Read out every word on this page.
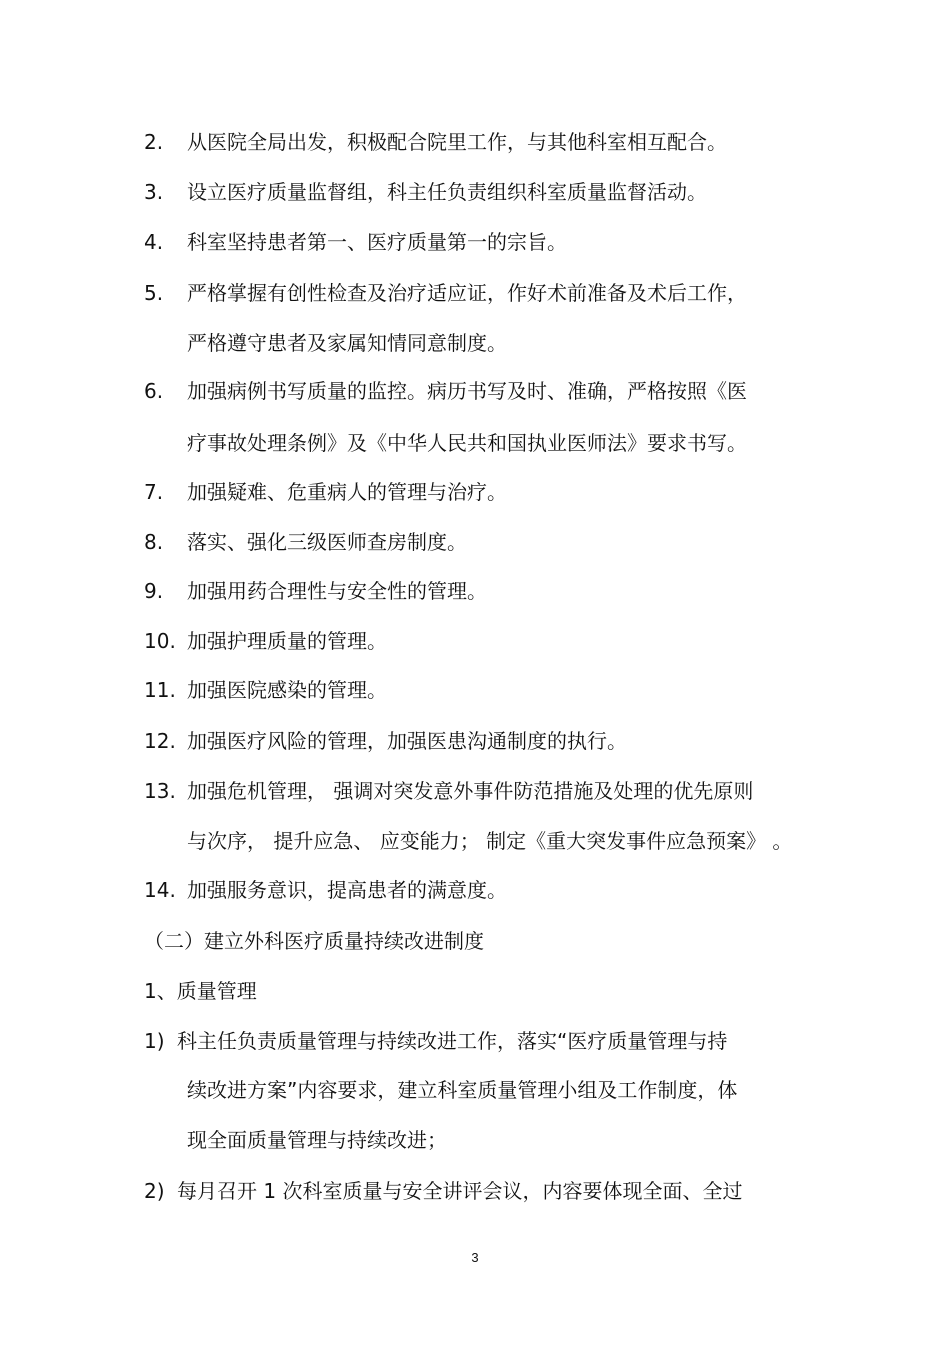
2. 从医院全局出发，积极配合院里工作，与其他科室相互配合。
3. 设立医疗质量监督组，科主任负责组织科室质量监督活动。
4. 科室坚持患者第一、医疗质量第一的宗旨。
5. 严格掌握有创性检查及治疗适应证，作好术前准备及术后工作，
严格遵守患者及家属知情同意制度。
6. 加强病例书写质量的监控。病历书写及时、准确，严格按照《医
疗事故处理条例》及《中华人民共和国执业医师法》要求书写。
7. 加强疑难、危重病人的管理与治疗。
8. 落实、强化三级医师查房制度。
9. 加强用药合理性与安全性的管理。
10. 加强护理质量的管理。
11. 加强医院感染的管理。
12. 加强医疗风险的管理，加强医患沟通制度的执行。
13. 加强危机管理， 强调对突发意外事件防范措施及处理的优先原则
与次序， 提升应急、 应变能力； 制定《重大突发事件应急预案》 。
14. 加强服务意识，提高患者的满意度。
（二）建立外科医疗质量持续改进制度
1、质量管理
1) 科主任负责质量管理与持续改进工作，落实“医疗质量管理与持
续改进方案”内容要求，建立科室质量管理小组及工作制度，体
现全面质量管理与持续改进；
2) 每月召开 1 次科室质量与安全讲评会议，内容要体现全面、全过
3
